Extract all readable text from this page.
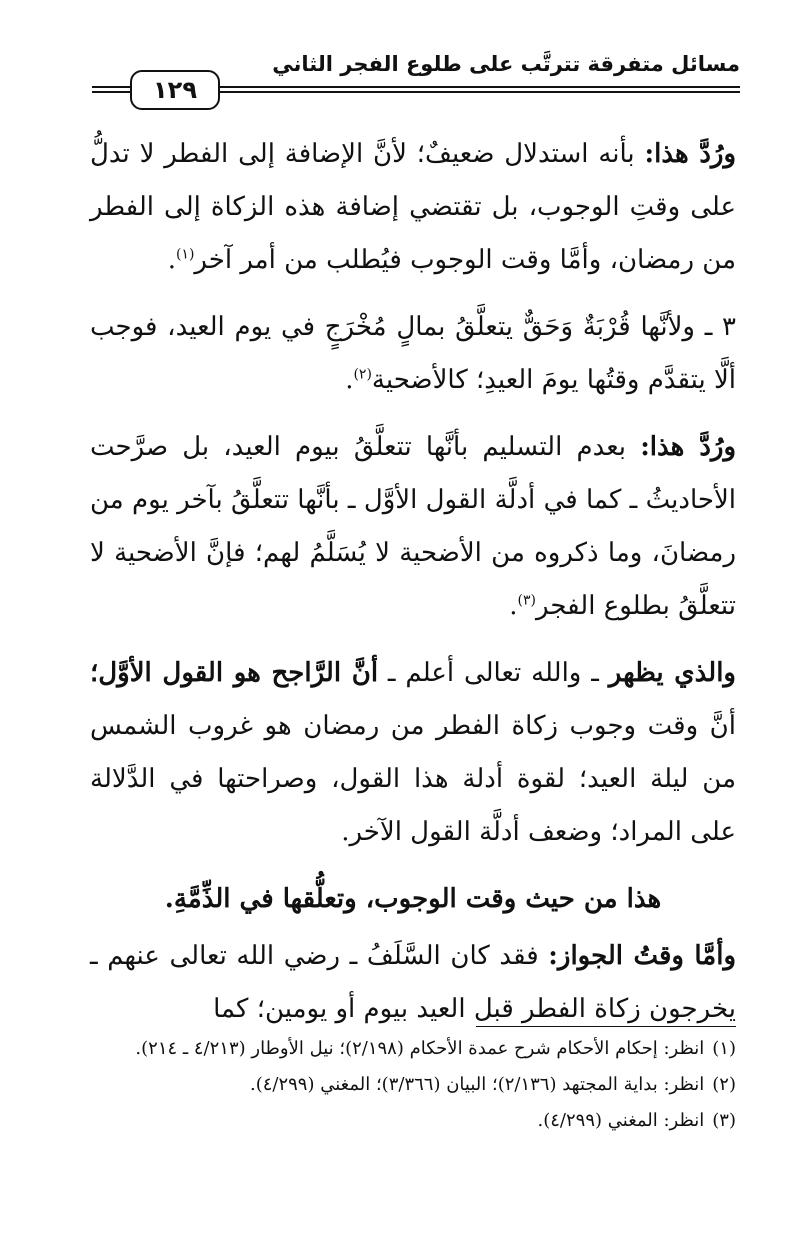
مسائل متفرقة تترتَّب على طلوع الفجر الثاني
١٢٩

ورُدَّ هذا: بأنه استدلال ضعيفٌ؛ لأنَّ الإضافة إلى الفطر لا تدلُّ على وقتِ الوجوب، بل تقتضي إضافة هذه الزكاة إلى الفطر من رمضان، وأمَّا وقت الوجوب فيُطلب من أمر آخر$^{(١)}$.

٣ ـ ولأنَّها قُرْبَةٌ وَحَقٌّ يتعلَّقُ بمالٍ مُخْرَجٍ في يوم العيد، فوجب ألَّا يتقدَّم وقتُها يومَ العيدِ؛ كالأضحية$^{(٢)}$.

ورُدَّ هذا: بعدم التسليم بأنَّها تتعلَّقُ بيوم العيد، بل صرَّحت الأحاديثُ ـ كما في أدلَّة القول الأوَّل ـ بأنَّها تتعلَّقُ بآخر يوم من رمضانَ، وما ذكروه من الأضحية لا يُسَلَّمُ لهم؛ فإنَّ الأضحية لا تتعلَّقُ بطلوع الفجر$^{(٣)}$.

والذي يظهر ـ والله تعالى أعلم ـ أنَّ الرَّاجح هو القول الأوَّل؛ أنَّ وقت وجوب زكاة الفطر من رمضان هو غروب الشمس من ليلة العيد؛ لقوة أدلة هذا القول، وصراحتها في الدَّلالة على المراد؛ وضعف أدلَّة القول الآخر.

هذا من حيث وقت الوجوب، وتعلُّقها في الذِّمَّةِ.

وأمَّا وقتُ الجواز: فقد كان السَّلَفُ ـ رضي الله تعالى عنهم ـ يخرجون زكاة الفطر قبل العيد بيوم أو يومين؛ كما

(١)انظر: إحكام الأحكام شرح عمدة الأحكام (٢/١٩٨)؛ نيل الأوطار (٤/٢١٣ ـ ٢١٤).

(٢)انظر: بداية المجتهد (٢/١٣٦)؛ البيان (٣/٣٦٦)؛ المغني (٤/٢٩٩).

(٣)انظر: المغني (٤/٢٩٩).
